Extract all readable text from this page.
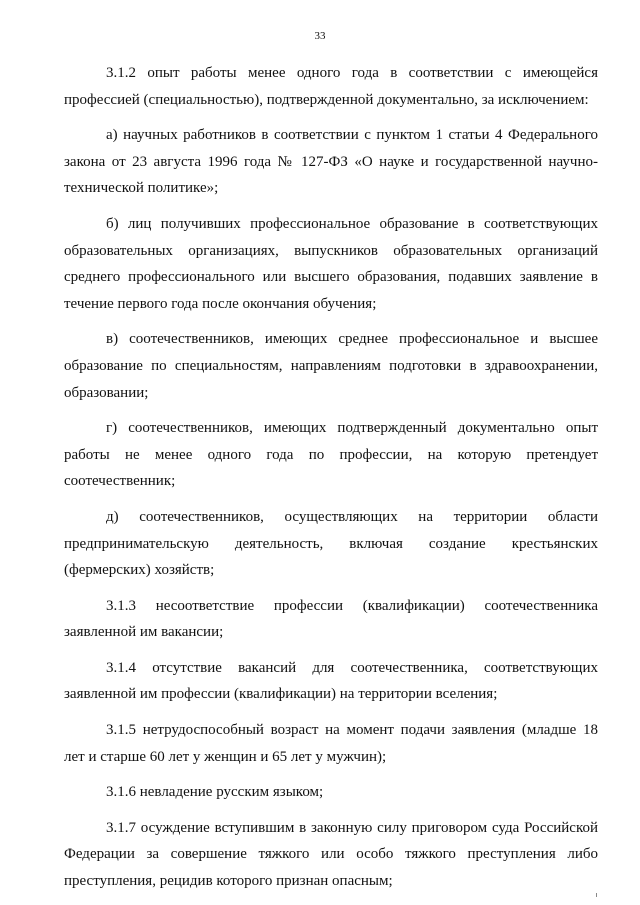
33

3.1.2 опыт работы менее одного года в соответствии с имеющейся профессией (специальностью), подтвержденной документально, за исключением:

а) научных работников в соответствии с пунктом 1 статьи 4 Федерального закона от 23 августа 1996 года № 127-ФЗ «О науке и государственной научно-технической политике»;

б) лиц получивших профессиональное образование в соответствующих образовательных организациях, выпускников образовательных организаций среднего профессионального или высшего образования, подавших заявление в течение первого года после окончания обучения;

в) соотечественников, имеющих среднее профессиональное и высшее образование по специальностям, направлениям подготовки в здравоохранении, образовании;

г) соотечественников, имеющих подтвержденный документально опыт работы не менее одного года по профессии, на которую претендует соотечественник;

д) соотечественников, осуществляющих на территории области предпринимательскую деятельность, включая создание крестьянских (фермерских) хозяйств;

3.1.3 несоответствие профессии (квалификации) соотечественника заявленной им вакансии;

3.1.4 отсутствие вакансий для соотечественника, соответствующих заявленной им профессии (квалификации) на территории вселения;

3.1.5 нетрудоспособный возраст на момент подачи заявления (младше 18 лет и старше 60 лет у женщин и 65 лет у мужчин);

3.1.6 невладение русским языком;

3.1.7 осуждение вступившим в законную силу приговором суда Российской Федерации за совершение тяжкого или особо тяжкого преступления либо преступления, рецидив которого признан опасным;
